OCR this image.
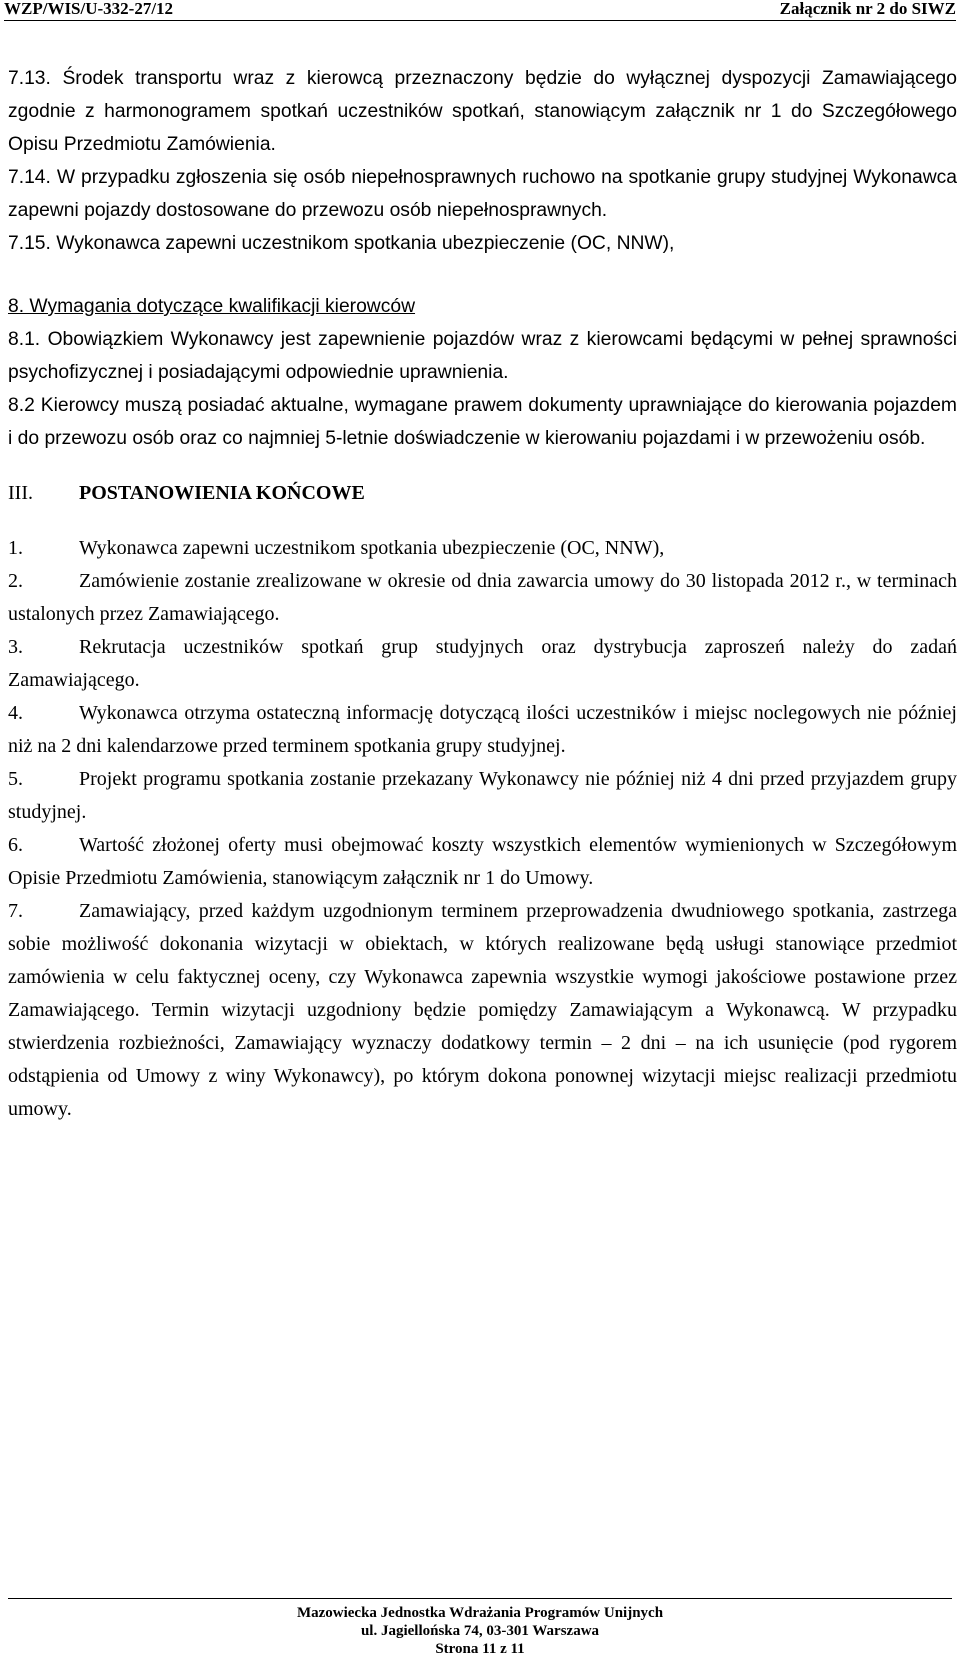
WZP/WIS/U-332-27/12	Załącznik nr 2 do SIWZ

7.13. Środek transportu wraz z kierowcą przeznaczony będzie do wyłącznej dyspozycji Zamawiającego zgodnie z harmonogramem spotkań uczestników spotkań, stanowiącym załącznik nr 1 do Szczegółowego Opisu Przedmiotu Zamówienia.

7.14. W przypadku zgłoszenia się osób niepełnosprawnych ruchowo na spotkanie grupy studyjnej Wykonawca zapewni pojazdy dostosowane do przewozu osób niepełnosprawnych.

7.15. Wykonawca zapewni uczestnikom spotkania ubezpieczenie (OC, NNW),

8. Wymagania dotyczące kwalifikacji kierowców

8.1. Obowiązkiem Wykonawcy jest zapewnienie pojazdów wraz z kierowcami będącymi w pełnej sprawności psychofizycznej i posiadającymi odpowiednie uprawnienia.

8.2 Kierowcy muszą posiadać aktualne, wymagane prawem dokumenty uprawniające do kierowania pojazdem i do przewozu osób oraz co najmniej 5-letnie doświadczenie w kierowaniu pojazdami i w przewożeniu osób.

III. POSTANOWIENIA KOŃCOWE

1.	Wykonawca zapewni uczestnikom spotkania ubezpieczenie (OC, NNW),

2.	Zamówienie zostanie zrealizowane w okresie od dnia zawarcia umowy do 30 listopada 2012 r., w terminach ustalonych przez Zamawiającego.

3.	Rekrutacja uczestników spotkań grup studyjnych oraz dystrybucja zaproszeń należy do zadań Zamawiającego.

4.	Wykonawca otrzyma ostateczną informację dotyczącą ilości uczestników i miejsc noclegowych nie później niż na 2 dni kalendarzowe przed terminem spotkania grupy studyjnej.

5.	Projekt programu spotkania zostanie przekazany Wykonawcy nie później niż 4 dni przed przyjazdem grupy studyjnej.

6.	Wartość złożonej oferty musi obejmować koszty wszystkich elementów wymienionych w Szczegółowym Opisie Przedmiotu Zamówienia, stanowiącym załącznik nr 1 do Umowy.

7.	Zamawiający, przed każdym uzgodnionym terminem przeprowadzenia dwudniowego spotkania, zastrzega sobie możliwość dokonania wizytacji w obiektach, w których realizowane będą usługi stanowiące przedmiot zamówienia w celu faktycznej oceny, czy Wykonawca zapewnia wszystkie wymogi jakościowe postawione przez Zamawiającego. Termin wizytacji uzgodniony będzie pomiędzy Zamawiającym a Wykonawcą. W przypadku stwierdzenia rozbieżności, Zamawiający wyznaczy dodatkowy termin – 2 dni – na ich usunięcie (pod rygorem odstąpienia od Umowy z winy Wykonawcy), po którym dokona ponownej wizytacji miejsc realizacji przedmiotu umowy.

Mazowiecka Jednostka Wdrażania Programów Unijnych
ul. Jagiellońska 74, 03-301 Warszawa
Strona 11 z 11
